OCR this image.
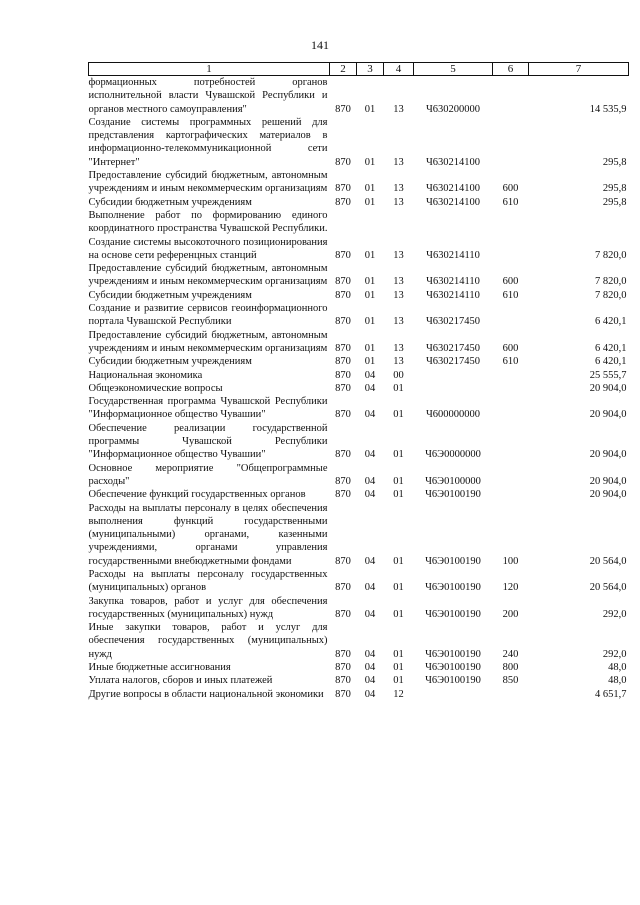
141
1	2	3	4	5	6	7
формационных потребностей органов исполнительной власти Чувашской Республики и органов местного самоуправления"	870	01	13	Ч630200000		14 535,9
Создание системы программных решений для представления картографических материалов в информационно-телекоммуникационной сети "Интернет"	870	01	13	Ч630214100		295,8
Предоставление субсидий бюджетным, автономным учреждениям и иным некоммерческим организациям	870	01	13	Ч630214100	600	295,8
Субсидии бюджетным учреждениям	870	01	13	Ч630214100	610	295,8
Выполнение работ по формированию единого координатного пространства Чувашской Республики. Создание системы высокоточного позиционирования на основе сети референцных станций	870	01	13	Ч630214110		7 820,0
Предоставление субсидий бюджетным, автономным учреждениям и иным некоммерческим организациям	870	01	13	Ч630214110	600	7 820,0
Субсидии бюджетным учреждениям	870	01	13	Ч630214110	610	7 820,0
Создание и развитие сервисов геоинформационного портала Чувашской Республики	870	01	13	Ч630217450		6 420,1
Предоставление субсидий бюджетным, автономным учреждениям и иным некоммерческим организациям	870	01	13	Ч630217450	600	6 420,1
Субсидии бюджетным учреждениям	870	01	13	Ч630217450	610	6 420,1
Национальная экономика	870	04	00			25 555,7
Общеэкономические вопросы	870	04	01			20 904,0
Государственная программа Чувашской Республики "Информационное общество Чувашии"	870	04	01	Ч600000000		20 904,0
Обеспечение реализации государственной программы Чувашской Республики "Информационное общество Чувашии"	870	04	01	Ч6Э0000000		20 904,0
Основное мероприятие "Общепрограммные расходы"	870	04	01	Ч6Э0100000		20 904,0
Обеспечение функций государственных органов	870	04	01	Ч6Э0100190		20 904,0
Расходы на выплаты персоналу в целях обеспечения выполнения функций государственными (муниципальными) органами, казенными учреждениями, органами управления государственными внебюджетными фондами	870	04	01	Ч6Э0100190	100	20 564,0
Расходы на выплаты персоналу государственных (муниципальных) органов	870	04	01	Ч6Э0100190	120	20 564,0
Закупка товаров, работ и услуг для обеспечения государственных (муниципальных) нужд	870	04	01	Ч6Э0100190	200	292,0
Иные закупки товаров, работ и услуг для обеспечения государственных (муниципальных) нужд	870	04	01	Ч6Э0100190	240	292,0
Иные бюджетные ассигнования	870	04	01	Ч6Э0100190	800	48,0
Уплата налогов, сборов и иных платежей	870	04	01	Ч6Э0100190	850	48,0
Другие вопросы в области национальной экономики	870	04	12			4 651,7
